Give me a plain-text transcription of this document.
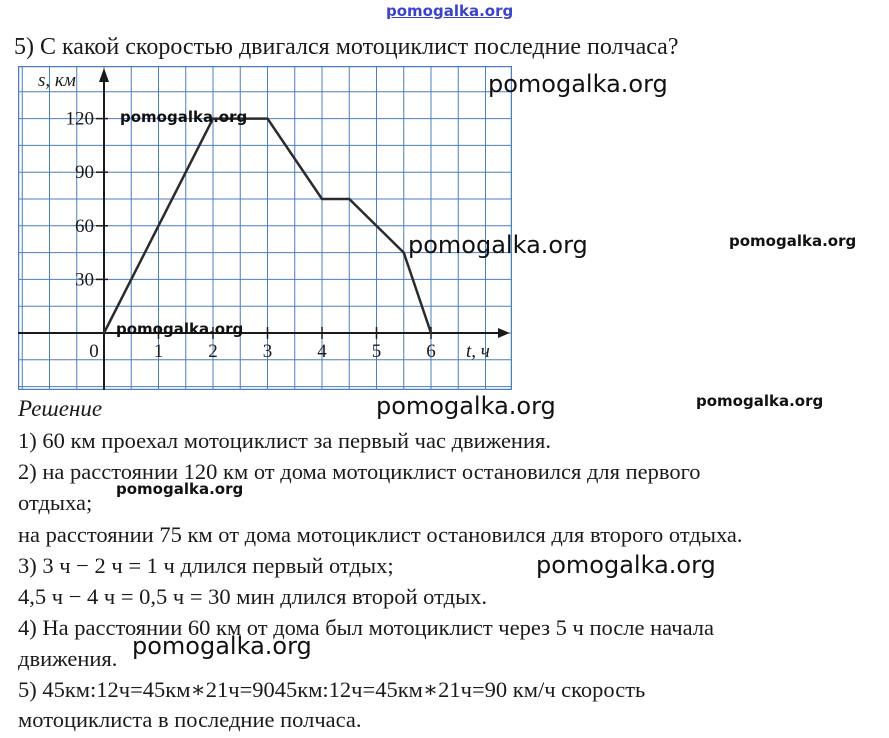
pomogalka.org
5) С какой скоростью двигался мотоциклист последние полчаса?
0	1 2 3 4 5 6
30
60
90
120
s, км
t, ч
pomogalka.org
pomogalka.org
pomogalka.org	pomogalka.org
pomogalka.org
Решение	pomogalka.org	pomogalka.org
1) 60 км проехал мотоциклист за первый час движения.
2) на расстоянии 120 км от дома мотоциклист остановился для первого
отдыха;
pomogalka.org
на расстоянии 75 км от дома мотоциклист остановился для второго отдыха.
3) 3 ч − 2 ч = 1 ч длился первый отдых;	pomogalka.org
4,5 ч − 4 ч = 0,5 ч = 30 мин длился второй отдых.
4) На расстоянии 60 км от дома был мотоциклист через 5 ч после начала
движения. pomogalka.org
5) 45км:12ч=45км∗21ч=9045км:12ч=45км∗21ч=90 км/ч скорость
мотоциклиста в последние полчаса.
